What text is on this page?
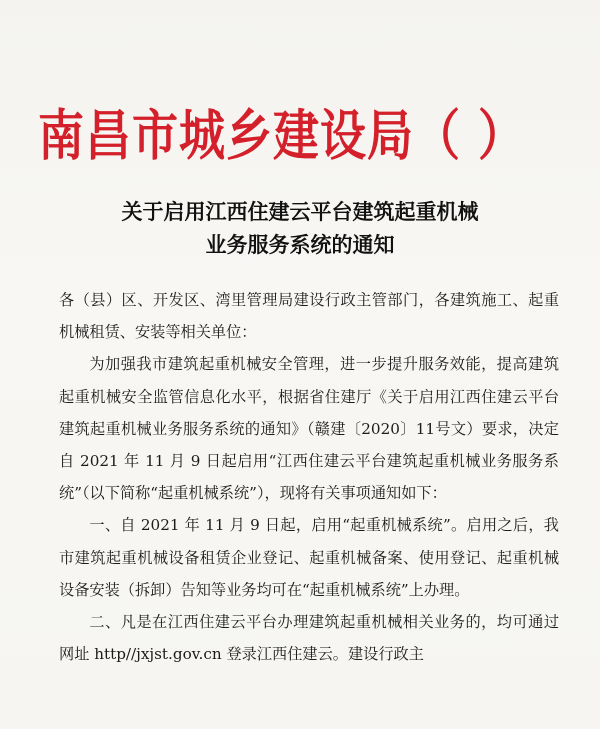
南昌市城乡建设局（ ）
关于启用江西住建云平台建筑起重机械
业务服务系统的通知

各（县）区、开发区、湾里管理局建设行政主管部门，各建筑施工、起重机械租赁、安装等相关单位：

为加强我市建筑起重机械安全管理，进一步提升服务效能，提高建筑起重机械安全监管信息化水平，根据省住建厅《关于启用江西住建云平台建筑起重机械业务服务系统的通知》（赣建〔2020〕11号文）要求，决定自 2021 年 11 月 9 日起启用“江西住建云平台建筑起重机械业务服务系统”（以下简称“起重机械系统”），现将有关事项通知如下：

一、自 2021 年 11 月 9 日起，启用“起重机械系统”。启用之后，我市建筑起重机械设备租赁企业登记、起重机械备案、使用登记、起重机械设备安装（拆卸）告知等业务均可在“起重机械系统”上办理。

二、凡是在江西住建云平台办理建筑起重机械相关业务的，均可通过网址 http//jxjst.gov.cn 登录江西住建云。建设行政主
